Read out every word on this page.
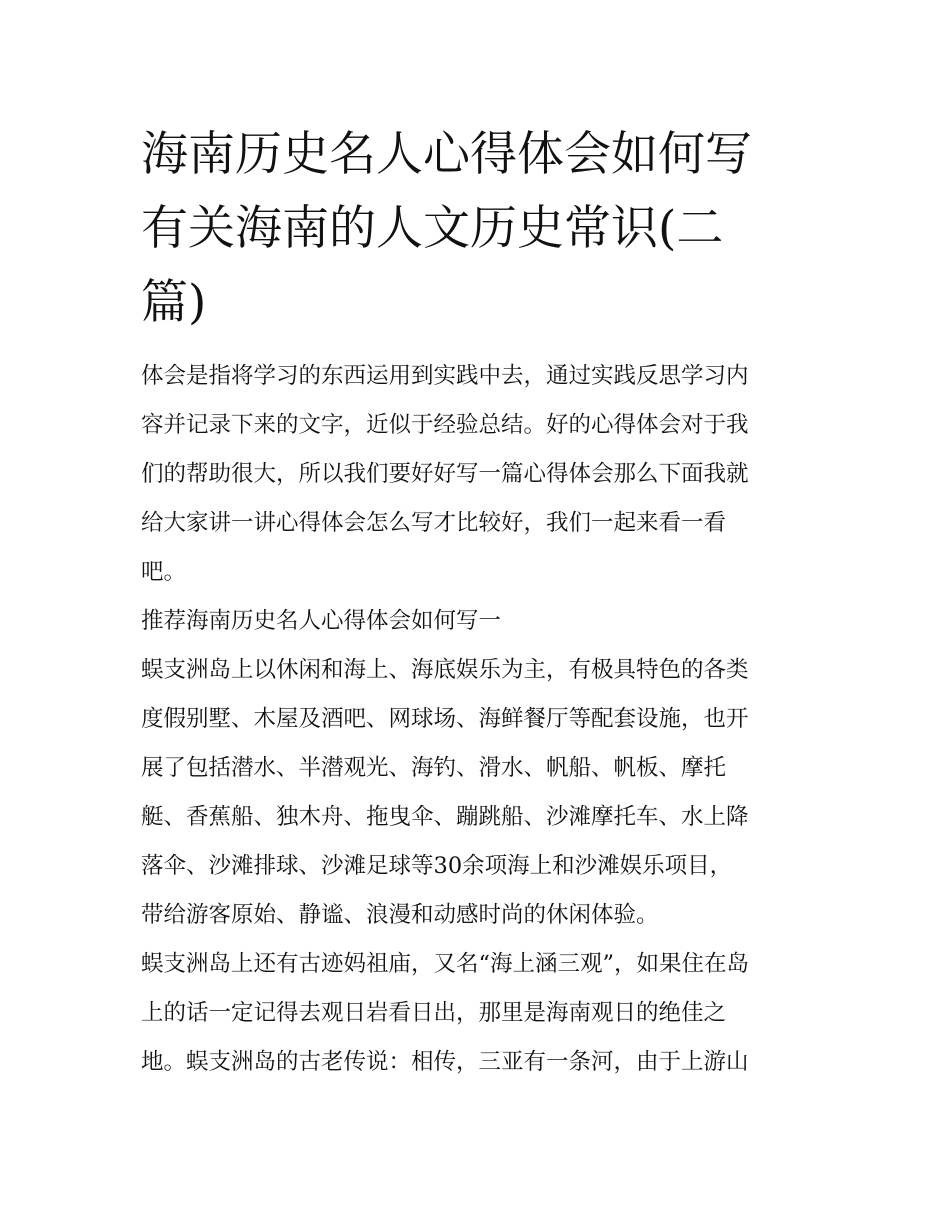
海南历史名人心得体会如何写
有关海南的人文历史常识(二
篇)
体会是指将学习的东西运用到实践中去，通过实践反思学习内
容并记录下来的文字，近似于经验总结。好的心得体会对于我
们的帮助很大，所以我们要好好写一篇心得体会那么下面我就
给大家讲一讲心得体会怎么写才比较好，我们一起来看一看
吧。
推荐海南历史名人心得体会如何写一
蜈支洲岛上以休闲和海上、海底娱乐为主，有极具特色的各类
度假别墅、木屋及酒吧、网球场、海鲜餐厅等配套设施，也开
展了包括潜水、半潜观光、海钓、滑水、帆船、帆板、摩托
艇、香蕉船、独木舟、拖曳伞、蹦跳船、沙滩摩托车、水上降
落伞、沙滩排球、沙滩足球等30余项海上和沙滩娱乐项目，
带给游客原始、静谧、浪漫和动感时尚的休闲体验。
蜈支洲岛上还有古迹妈祖庙，又名“海上涵三观”，如果住在岛
上的话一定记得去观日岩看日出，那里是海南观日的绝佳之
地。蜈支洲岛的古老传说：相传，三亚有一条河，由于上游山
